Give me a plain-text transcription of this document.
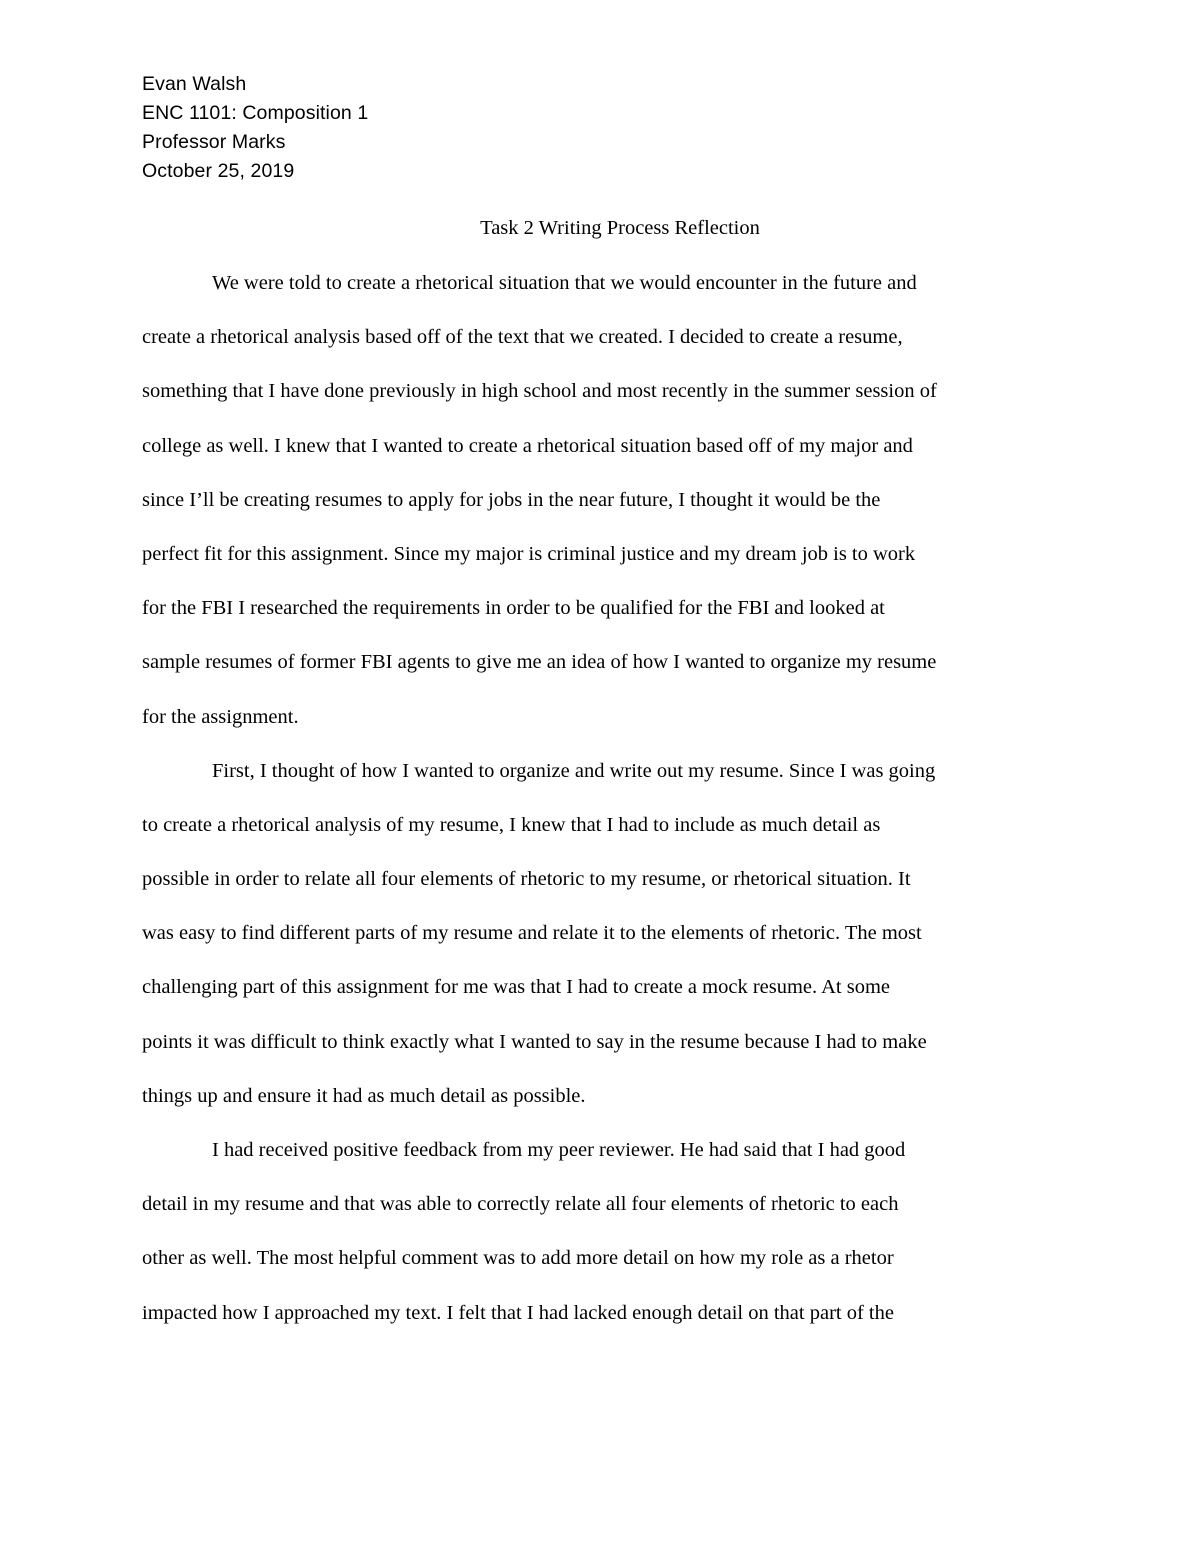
Evan Walsh
ENC 1101: Composition 1
Professor Marks
October 25, 2019
Task 2 Writing Process Reflection
We were told to create a rhetorical situation that we would encounter in the future and
create a rhetorical analysis based off of the text that we created. I decided to create a resume,
something that I have done previously in high school and most recently in the summer session of
college as well. I knew that I wanted to create a rhetorical situation based off of my major and
since I’ll be creating resumes to apply for jobs in the near future, I thought it would be the
perfect fit for this assignment. Since my major is criminal justice and my dream job is to work
for the FBI I researched the requirements in order to be qualified for the FBI and looked at
sample resumes of former FBI agents to give me an idea of how I wanted to organize my resume
for the assignment.
First, I thought of how I wanted to organize and write out my resume. Since I was going
to create a rhetorical analysis of my resume, I knew that I had to include as much detail as
possible in order to relate all four elements of rhetoric to my resume, or rhetorical situation. It
was easy to find different parts of my resume and relate it to the elements of rhetoric. The most
challenging part of this assignment for me was that I had to create a mock resume. At some
points it was difficult to think exactly what I wanted to say in the resume because I had to make
things up and ensure it had as much detail as possible.
I had received positive feedback from my peer reviewer. He had said that I had good
detail in my resume and that was able to correctly relate all four elements of rhetoric to each
other as well. The most helpful comment was to add more detail on how my role as a rhetor
impacted how I approached my text. I felt that I had lacked enough detail on that part of the
